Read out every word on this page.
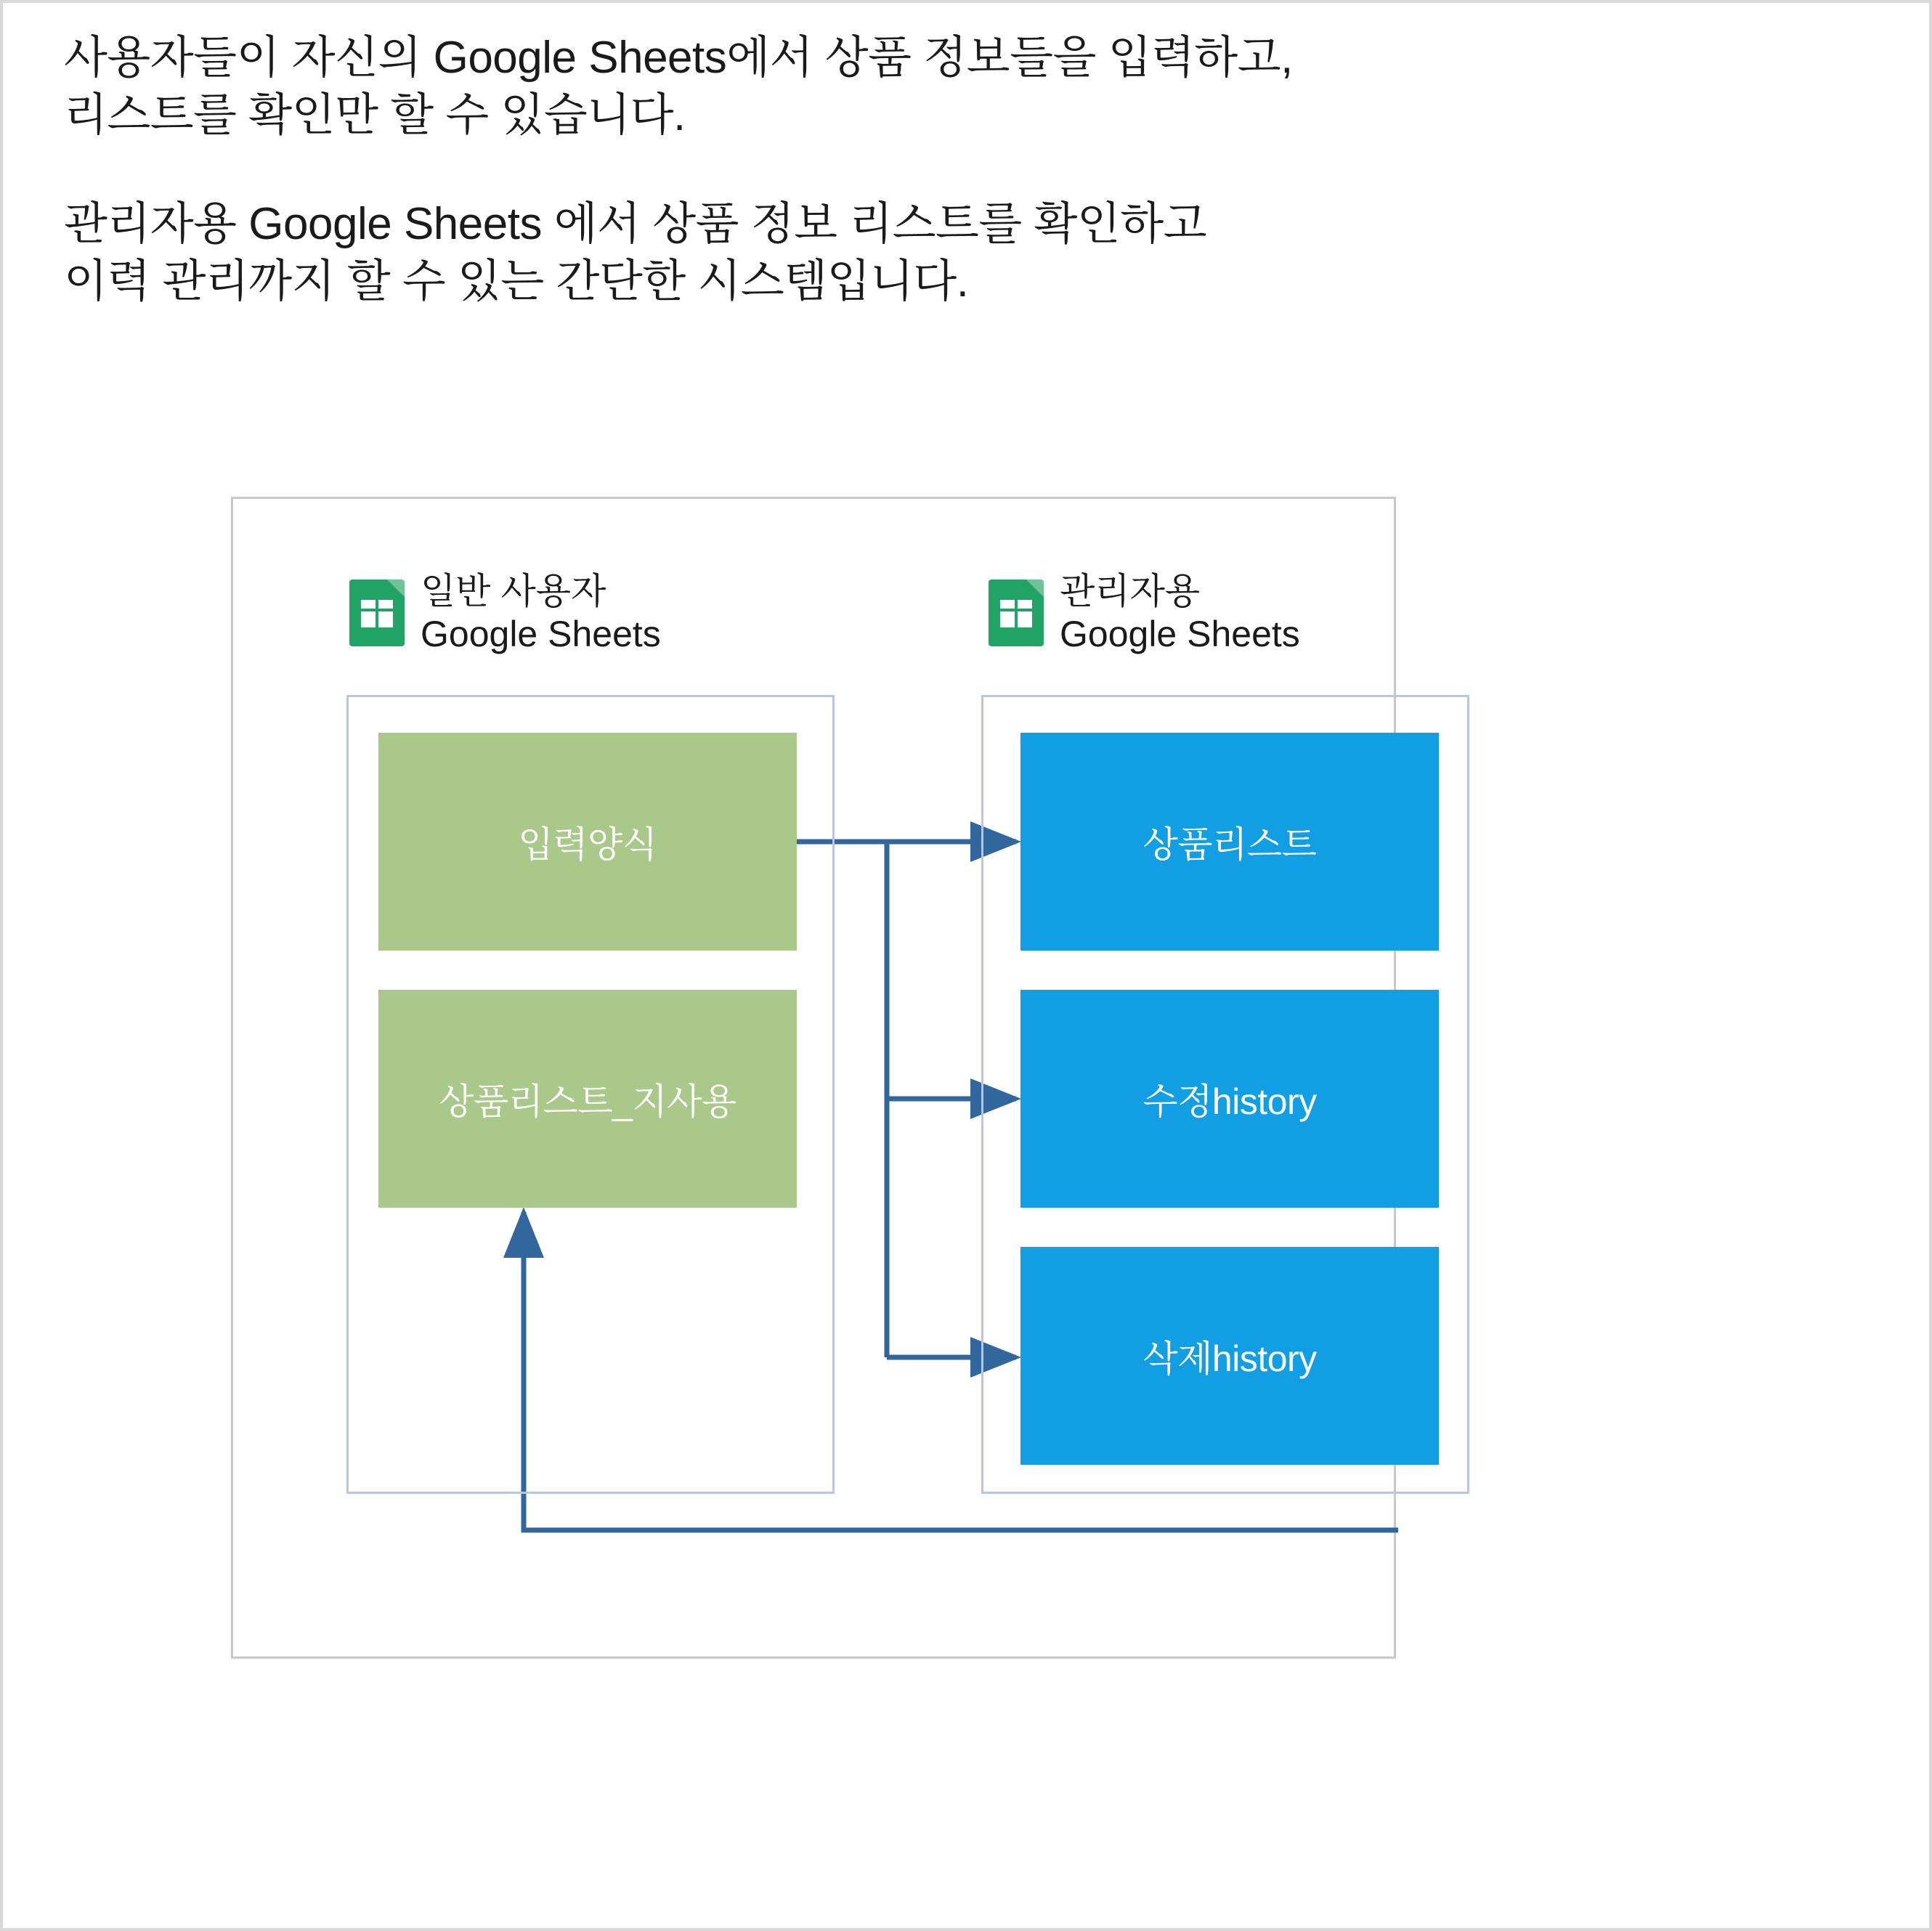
사용자들이 자신의 Google Sheets에서 상품 정보들을 입력하고,
리스트를 확인만 할 수 있습니다.

관리자용 Google Sheets 에서 상품 정보 리스트를 확인하고
이력 관리까지 할 수 있는 간단한 시스템입니다.

일반 사용자
Google Sheets
관리자용
Google Sheets
입력양식
상품리스트_지사용
상품리스트
수정history
삭제history
